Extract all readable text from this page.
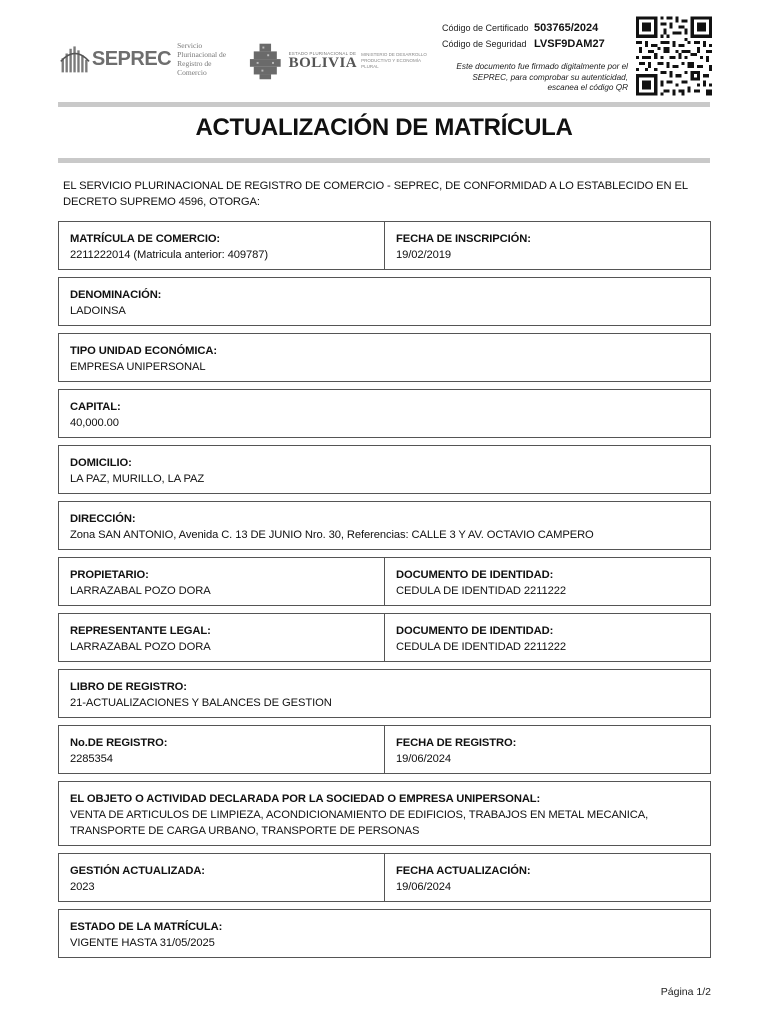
SEPREC
Servicio Plurinacional de Registro de Comercio
ESTADO PLURINACIONAL DE
BOLIVIA
MINISTERIO DE DESARROLLO PRODUCTIVO Y ECONOMÍA PLURAL
Código de Certificado 503765/2024
Código de Seguridad LVSF9DAM27
Este documento fue firmado digitalmente por el SEPREC, para comprobar su autenticidad, escanea el código QR
ACTUALIZACIÓN DE MATRÍCULA

EL SERVICIO PLURINACIONAL DE REGISTRO DE COMERCIO - SEPREC, DE CONFORMIDAD A LO ESTABLECIDO EN EL DECRETO SUPREMO 4596, OTORGA:

MATRÍCULA DE COMERCIO:
2211222014 (Matricula anterior: 409787)
FECHA DE INSCRIPCIÓN:
19/02/2019
DENOMINACIÓN:
LADOINSA
TIPO UNIDAD ECONÓMICA:
EMPRESA UNIPERSONAL
CAPITAL:
40,000.00
DOMICILIO:
LA PAZ, MURILLO, LA PAZ
DIRECCIÓN:
Zona SAN ANTONIO, Avenida C. 13 DE JUNIO Nro. 30, Referencias: CALLE 3 Y AV. OCTAVIO CAMPERO
PROPIETARIO:
LARRAZABAL POZO DORA
DOCUMENTO DE IDENTIDAD:
CEDULA DE IDENTIDAD 2211222
REPRESENTANTE LEGAL:
LARRAZABAL POZO DORA
DOCUMENTO DE IDENTIDAD:
CEDULA DE IDENTIDAD 2211222
LIBRO DE REGISTRO:
21-ACTUALIZACIONES Y BALANCES DE GESTION
No.DE REGISTRO:
2285354
FECHA DE REGISTRO:
19/06/2024
EL OBJETO O ACTIVIDAD DECLARADA POR LA SOCIEDAD O EMPRESA UNIPERSONAL:
VENTA DE ARTICULOS DE LIMPIEZA, ACONDICIONAMIENTO DE EDIFICIOS, TRABAJOS EN METAL MECANICA, TRANSPORTE DE CARGA URBANO, TRANSPORTE DE PERSONAS
GESTIÓN ACTUALIZADA:
2023
FECHA ACTUALIZACIÓN:
19/06/2024
ESTADO DE LA MATRÍCULA:
VIGENTE HASTA 31/05/2025
Página 1/2
